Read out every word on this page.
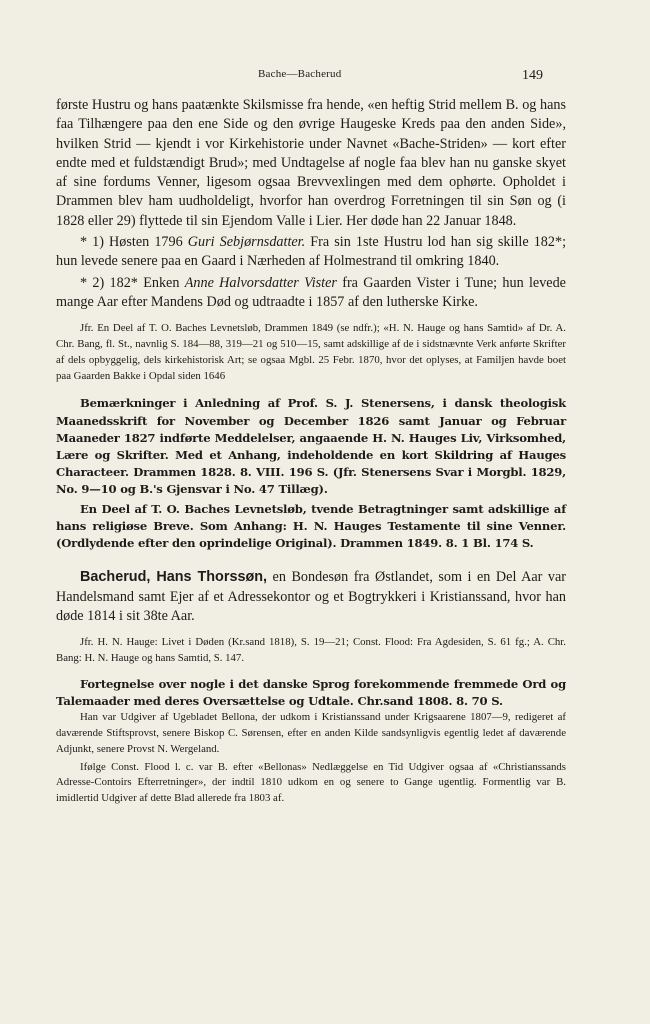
Bache—Bacherud	149

første Hustru og hans paatænkte Skilsmisse fra hende, «en heftig Strid mellem B. og hans faa Tilhængere paa den ene Side og den øvrige Haugeske Kreds paa den anden Side», hvilken Strid — kjendt i vor Kirkehistorie under Navnet «Bache-Striden» — kort efter endte med et fuldstændigt Brud»; med Undtagelse af nogle faa blev han nu ganske skyet af sine fordums Venner, ligesom ogsaa Brevvexlingen med dem ophørte. Opholdet i Drammen blev ham uudholdeligt, hvorfor han overdrog Forretningen til sin Søn og (i 1828 eller 29) flyttede til sin Ejendom Valle i Lier. Her døde han 22 Januar 1848.

* 1) Høsten 1796 Guri Sebjørnsdatter. Fra sin 1ste Hustru lod han sig skille 182*; hun levede senere paa en Gaard i Nærheden af Holmestrand til omkring 1840.

* 2) 182* Enken Anne Halvorsdatter Vister fra Gaarden Vister i Tune; hun levede mange Aar efter Mandens Død og udtraadte i 1857 af den lutherske Kirke.

Jfr. En Deel af T. O. Baches Levnetsløb, Drammen 1849 (se ndfr.); «H. N. Hauge og hans Samtid» af Dr. A. Chr. Bang, fl. St., navnlig S. 184—88, 319—21 og 510—15, samt adskillige af de i sidstnævnte Verk anførte Skrifter af dels opbyggelig, dels kirkehistorisk Art; se ogsaa Mgbl. 25 Febr. 1870, hvor det oplyses, at Familjen havde boet paa Gaarden Bakke i Opdal siden 1646

Bemærkninger i Anledning af Prof. S. J. Stenersens, i dansk theologisk Maanedsskrift for November og December 1826 samt Januar og Februar Maaneder 1827 indførte Meddelelser, angaaende H. N. Hauges Liv, Virksomhed, Lære og Skrifter. Med et Anhang, indeholdende en kort Skildring af Hauges Characteer. Drammen 1828. 8. VIII. 196 S. (Jfr. Stenersens Svar i Morgbl. 1829, No. 9—10 og B.'s Gjensvar i No. 47 Tillæg).

En Deel af T. O. Baches Levnetsløb, tvende Betragtninger samt adskillige af hans religiøse Breve. Som Anhang: H. N. Hauges Testamente til sine Venner. (Ordlydende efter den oprindelige Original). Drammen 1849. 8. 1 Bl. 174 S.

Bacherud, Hans Thorssøn, en Bondesøn fra Østlandet, som i en Del Aar var Handelsmand samt Ejer af et Adressekontor og et Bogtrykkeri i Kristianssand, hvor han døde 1814 i sit 38te Aar.

Jfr. H. N. Hauge: Livet i Døden (Kr.sand 1818), S. 19—21; Const. Flood: Fra Agdesiden, S. 61 fg.; A. Chr. Bang: H. N. Hauge og hans Samtid, S. 147.

Fortegnelse over nogle i det danske Sprog forekommende fremmede Ord og Talemaader med deres Oversættelse og Udtale. Chr.sand 1808. 8. 70 S.

Han var Udgiver af Ugebladet Bellona, der udkom i Kristianssand under Krigsaarene 1807—9, redigeret af daværende Stiftsprovst, senere Biskop C. Sørensen, efter en anden Kilde sandsynligvis egentlig ledet af daværende Adjunkt, senere Provst N. Wergeland.

Ifølge Const. Flood l. c. var B. efter «Bellonas» Nedlæggelse en Tid Udgiver ogsaa af «Christianssands Adresse-Contoirs Efterretninger», der indtil 1810 udkom en og senere to Gange ugentlig. Formentlig var B. imidlertid Udgiver af dette Blad allerede fra 1803 af.
